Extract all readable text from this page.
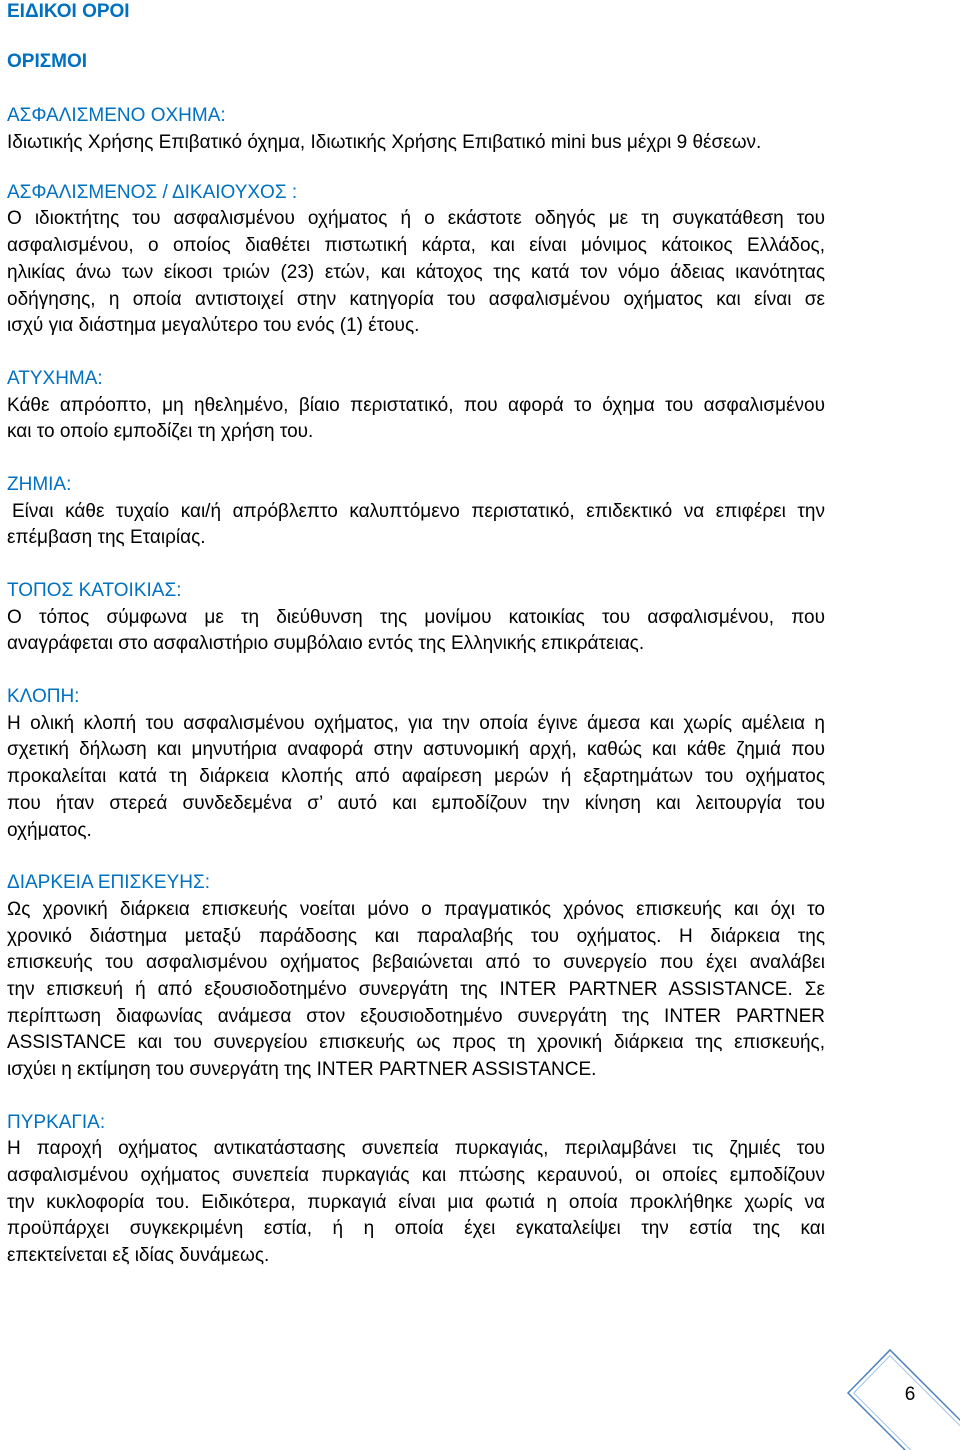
ΕΙΔΙΚΟΙ ΟΡΟΙ
ΟΡΙΣΜΟΙ
ΑΣΦΑΛΙΣΜΕΝΟ ΟΧΗΜΑ:
Ιδιωτικής Χρήσης Επιβατικό όχημα, Ιδιωτικής Χρήσης Επιβατικό mini bus μέχρι 9 θέσεων.
ΑΣΦΑΛΙΣΜΕΝΟΣ / ΔΙΚΑΙΟΥΧΟΣ :
Ο ιδιοκτήτης του ασφαλισμένου οχήματος ή ο εκάστοτε οδηγός με τη συγκατάθεση του
ασφαλισμένου, ο οποίος διαθέτει πιστωτική κάρτα, και είναι μόνιμος κάτοικος Ελλάδος,
ηλικίας άνω των είκοσι τριών (23) ετών, και κάτοχος της κατά τον νόμο άδειας ικανότητας
οδήγησης, η οποία αντιστοιχεί στην κατηγορία του ασφαλισμένου οχήματος και είναι σε
ισχύ για διάστημα μεγαλύτερο του ενός (1) έτους.
ΑΤΥΧΗΜΑ:
Κάθε απρόοπτο, μη ηθελημένο, βίαιο περιστατικό, που αφορά το όχημα του ασφαλισμένου
και το οποίο εμποδίζει τη χρήση του.
ΖΗΜΙΑ:
Είναι κάθε τυχαίο και/ή απρόβλεπτο καλυπτόμενο περιστατικό, επιδεκτικό να επιφέρει την
επέμβαση της Εταιρίας.
ΤΟΠΟΣ ΚΑΤΟΙΚΙΑΣ:
Ο τόπος σύμφωνα με τη διεύθυνση της μονίμου κατοικίας του ασφαλισμένου, που
αναγράφεται στο ασφαλιστήριο συμβόλαιο εντός της Ελληνικής επικράτειας.
ΚΛΟΠΗ:
Η ολική κλοπή του ασφαλισμένου οχήματος, για την οποία έγινε άμεσα και χωρίς αμέλεια η
σχετική δήλωση και μηνυτήρια αναφορά στην αστυνομική αρχή, καθώς και κάθε ζημιά που
προκαλείται κατά τη διάρκεια κλοπής από αφαίρεση μερών ή εξαρτημάτων του οχήματος
που ήταν στερεά συνδεδεμένα σ’ αυτό και εμποδίζουν την κίνηση και λειτουργία του
οχήματος.
ΔΙΑΡΚΕΙΑ ΕΠΙΣΚΕΥΗΣ:
Ως χρονική διάρκεια επισκευής νοείται μόνο ο πραγματικός χρόνος επισκευής και όχι το
χρονικό διάστημα μεταξύ παράδοσης και παραλαβής του οχήματος. Η διάρκεια της
επισκευής του ασφαλισμένου οχήματος βεβαιώνεται από το συνεργείο που έχει αναλάβει
την επισκευή ή από εξουσιοδοτημένο συνεργάτη της INTER PARTNER ASSISTANCE. Σε
περίπτωση διαφωνίας ανάμεσα στον εξουσιοδοτημένο συνεργάτη της INTER PARTNER
ASSISTANCE και του συνεργείου επισκευής ως προς τη χρονική διάρκεια της επισκευής,
ισχύει η εκτίμηση του συνεργάτη της INTER PARTNER ASSISTANCE.
ΠΥΡΚΑΓΙΑ:
Η παροχή οχήματος αντικατάστασης συνεπεία πυρκαγιάς, περιλαμβάνει τις ζημιές του
ασφαλισμένου οχήματος συνεπεία πυρκαγιάς και πτώσης κεραυνού, οι οποίες εμποδίζουν
την κυκλοφορία του. Ειδικότερα, πυρκαγιά είναι μια φωτιά η οποία προκλήθηκε χωρίς να
προϋπάρχει συγκεκριμένη εστία, ή η οποία έχει εγκαταλείψει την εστία της και
επεκτείνεται εξ ιδίας δυνάμεως.
6
